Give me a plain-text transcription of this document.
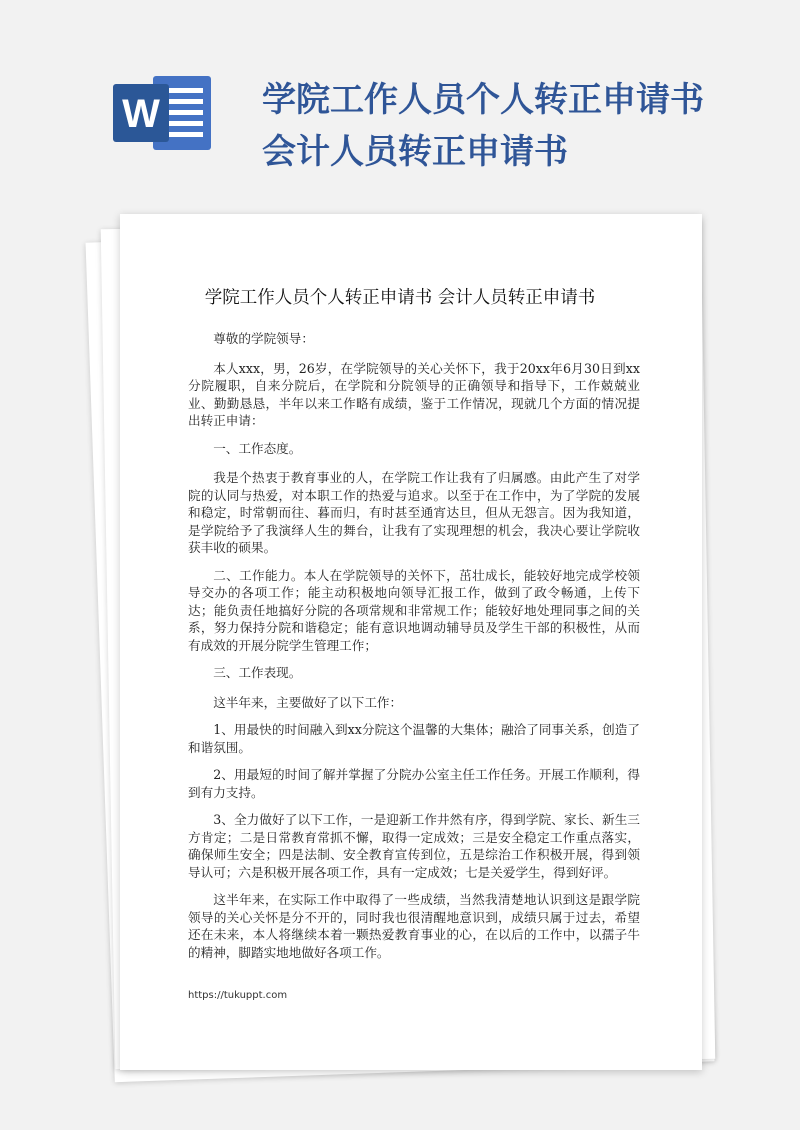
W	学院工作人员个人转正申请书
会计人员转正申请书
学院工作人员个人转正申请书 会计人员转正申请书

尊敬的学院领导：

本人xxx，男，26岁，在学院领导的关心关怀下，我于20xx年6月30日到xx分院履职，自来分院后，在学院和分院领导的正确领导和指导下，工作兢兢业业、勤勤恳恳，半年以来工作略有成绩，鉴于工作情况，现就几个方面的情况提出转正申请：

一、工作态度。

我是个热衷于教育事业的人，在学院工作让我有了归属感。由此产生了对学院的认同与热爱，对本职工作的热爱与追求。以至于在工作中，为了学院的发展和稳定，时常朝而往、暮而归，有时甚至通宵达旦，但从无怨言。因为我知道，是学院给予了我演绎人生的舞台，让我有了实现理想的机会，我决心要让学院收获丰收的硕果。

二、工作能力。本人在学院领导的关怀下，茁壮成长，能较好地完成学校领导交办的各项工作；能主动积极地向领导汇报工作，做到了政令畅通，上传下达；能负责任地搞好分院的各项常规和非常规工作；能较好地处理同事之间的关系，努力保持分院和谐稳定；能有意识地调动辅导员及学生干部的积极性，从而有成效的开展分院学生管理工作；

三、工作表现。

这半年来，主要做好了以下工作：

1、用最快的时间融入到xx分院这个温馨的大集体；融洽了同事关系，创造了和谐氛围。

2、用最短的时间了解并掌握了分院办公室主任工作任务。开展工作顺利，得到有力支持。

3、全力做好了以下工作，一是迎新工作井然有序，得到学院、家长、新生三方肯定；二是日常教育常抓不懈，取得一定成效；三是安全稳定工作重点落实，确保师生安全；四是法制、安全教育宣传到位，五是综治工作积极开展，得到领导认可；六是积极开展各项工作，具有一定成效；七是关爱学生，得到好评。

这半年来，在实际工作中取得了一些成绩，当然我清楚地认识到这是跟学院领导的关心关怀是分不开的，同时我也很清醒地意识到，成绩只属于过去，希望还在未来，本人将继续本着一颗热爱教育事业的心，在以后的工作中，以孺子牛的精神，脚踏实地地做好各项工作。

https://tukuppt.com
